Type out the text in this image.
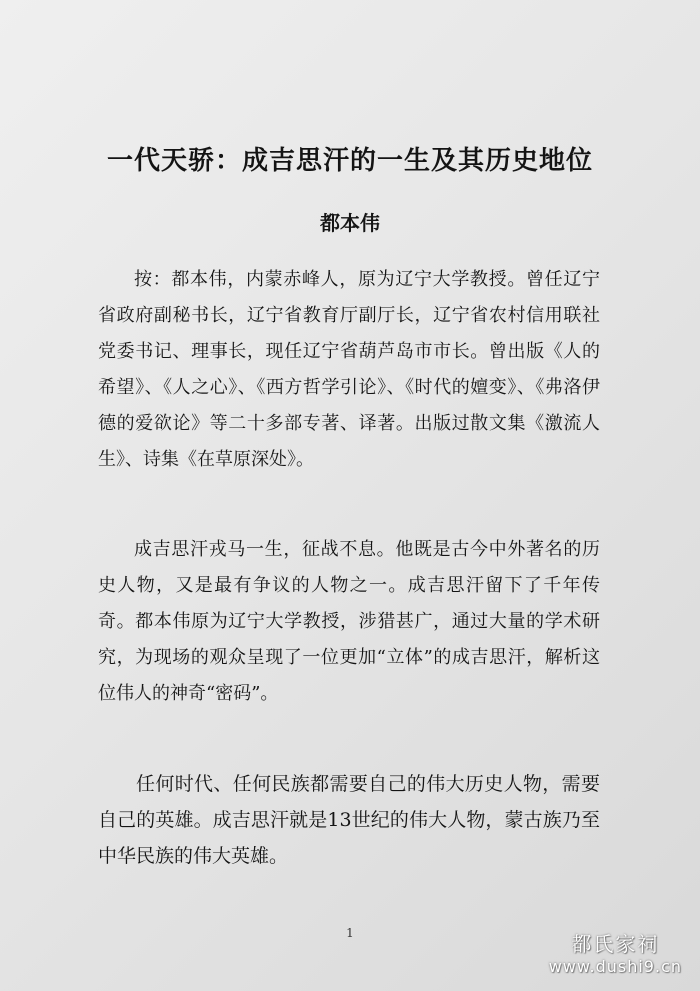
一代天骄：成吉思汗的一生及其历史地位
都本伟

按：都本伟，内蒙赤峰人，原为辽宁大学教授。曾任辽宁省政府副秘书长，辽宁省教育厅副厅长，辽宁省农村信用联社党委书记、理事长，现任辽宁省葫芦岛市市长。曾出版《人的希望》、《人之心》、《西方哲学引论》、《时代的嬗变》、《弗洛伊德的爱欲论》等二十多部专著、译著。出版过散文集《激流人生》、诗集《在草原深处》。

成吉思汗戎马一生，征战不息。他既是古今中外著名的历史人物，又是最有争议的人物之一。成吉思汗留下了千年传奇。都本伟原为辽宁大学教授，涉猎甚广，通过大量的学术研究，为现场的观众呈现了一位更加“立体”的成吉思汗，解析这位伟人的神奇“密码”。

任何时代、任何民族都需要自己的伟大历史人物，需要自己的英雄。成吉思汗就是13世纪的伟大人物，蒙古族乃至中华民族的伟大英雄。

1	都氏家祠
www.dushi9.cn
